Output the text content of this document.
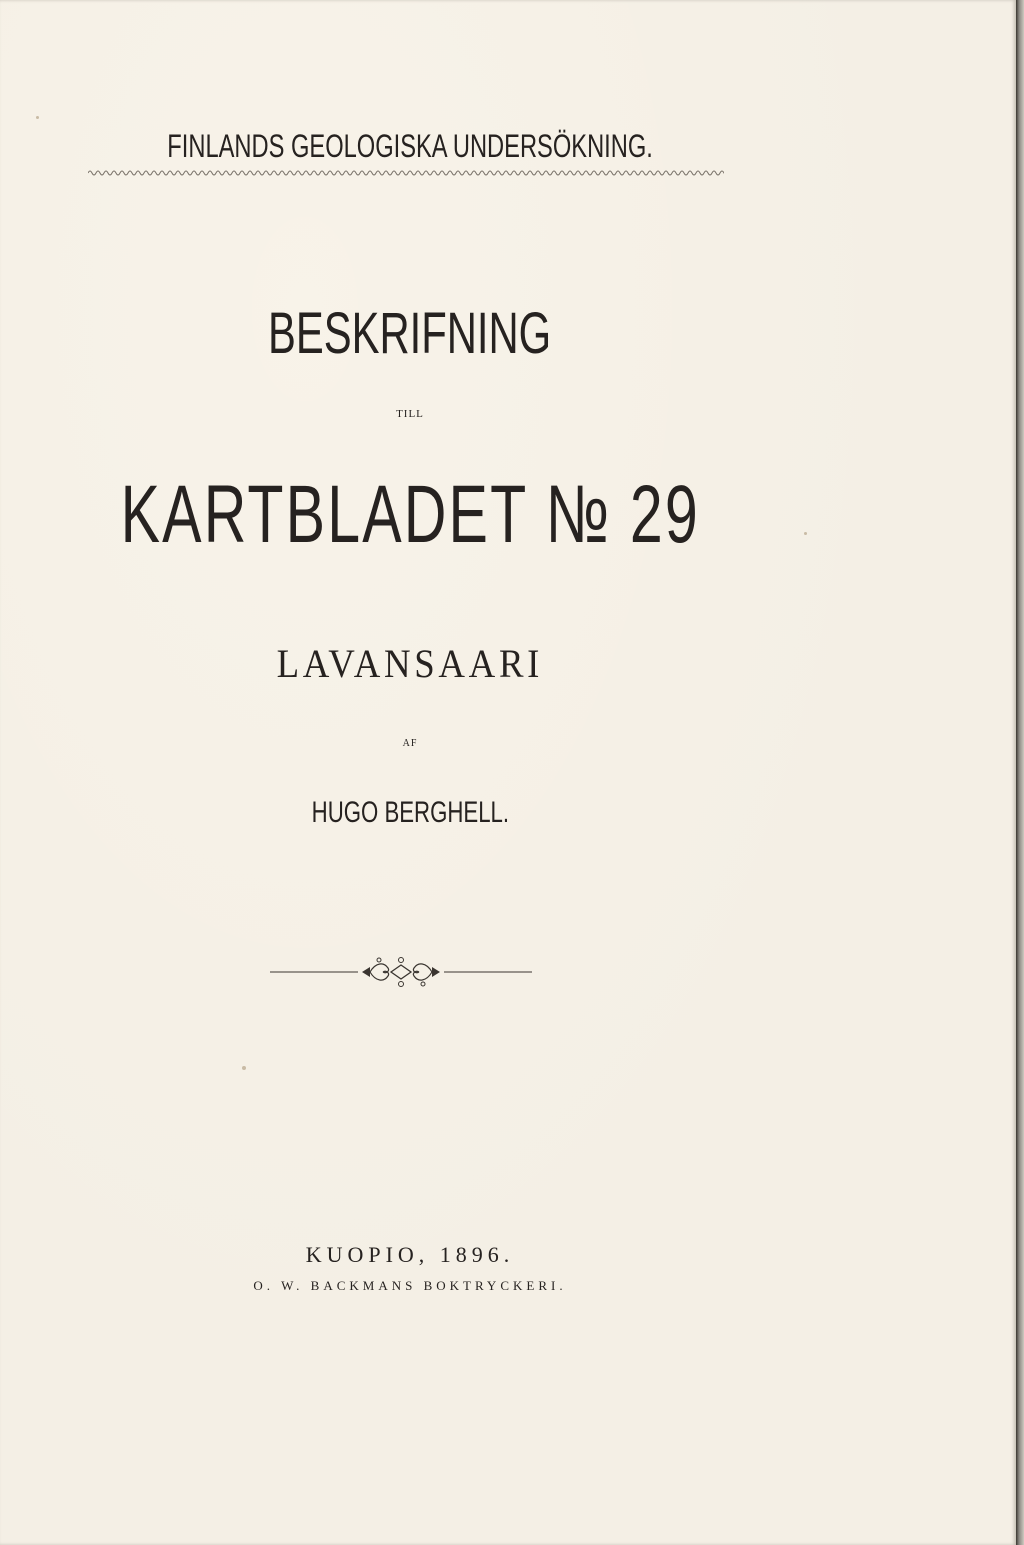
FINLANDS GEOLOGISKA UNDERSÖKNING.
BESKRIFNING
TILL
KARTBLADET № 29
LAVANSAARI
AF
HUGO BERGHELL.
KUOPIO, 1896.
O. W. BACKMANS BOKTRYCKERI.
